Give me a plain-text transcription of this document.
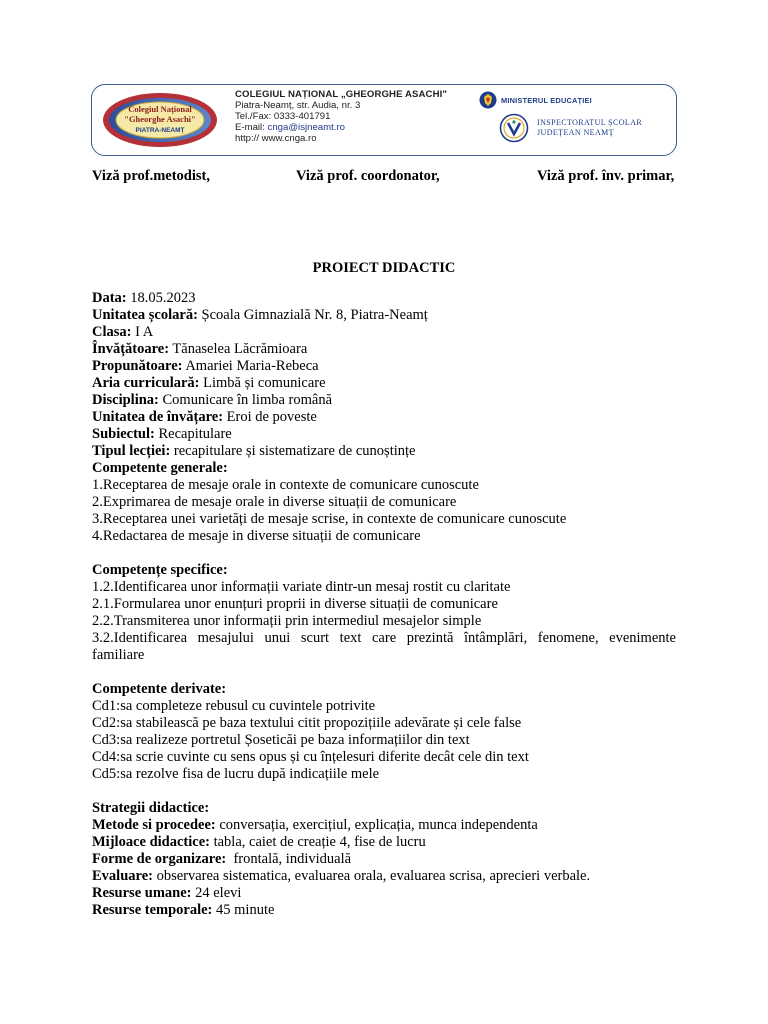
Colegiul Național
"Gheorghe Asachi"
PIATRA-NEAMȚ
COLEGIUL NAȚIONAL „GHEORGHE ASACHI"
Piatra-Neamț, str. Audia, nr. 3
Tel./Fax: 0333-401791
E-mail: cnga@isjneamt.ro
http:// www.cnga.ro
MINISTERUL EDUCAȚIEI
INSPECTORATUL ȘCOLAR
JUDEȚEAN NEAMȚ
Viză prof.metodist,	Viză prof. coordonator,	Viză prof. înv. primar,
PROIECT DIDACTIC
Data: 18.05.2023
Unitatea școlară: Școala Gimnazială Nr. 8, Piatra-Neamț
Clasa: I A
Învățătoare: Tănaselea Lăcrămioara
Propunătoare: Amariei Maria-Rebeca
Aria curriculară: Limbă și comunicare
Disciplina: Comunicare în limba română
Unitatea de învățare: Eroi de poveste
Subiectul: Recapitulare
Tipul lecției: recapitulare și sistematizare de cunoștințe
Competente generale:
1.Receptarea de mesaje orale in contexte de comunicare cunoscute
2.Exprimarea de mesaje orale in diverse situații de comunicare
3.Receptarea unei varietăți de mesaje scrise, in contexte de comunicare cunoscute
4.Redactarea de mesaje in diverse situații de comunicare
Competențe specifice:
1.2.Identificarea unor informații variate dintr-un mesaj rostit cu claritate
2.1.Formularea unor enunțuri proprii in diverse situații de comunicare
2.2.Transmiterea unor informații prin intermediul mesajelor simple
3.2.Identificarea mesajului unui scurt text care prezintă întâmplări, fenomene, evenimente
familiare
Competente derivate:
Cd1:sa completeze rebusul cu cuvintele potrivite
Cd2:sa stabilească pe baza textului citit propozițiile adevărate și cele false
Cd3:sa realizeze portretul Șoseticăi pe baza informațiilor din text
Cd4:sa scrie cuvinte cu sens opus și cu înțelesuri diferite decât cele din text
Cd5:sa rezolve fisa de lucru după indicațiile mele
Strategii didactice:
Metode si procedee: conversația, exercițiul, explicația, munca independenta
Mijloace didactice: tabla, caiet de creație 4, fise de lucru
Forme de organizare:  frontală, individuală
Evaluare: observarea sistematica, evaluarea orala, evaluarea scrisa, aprecieri verbale.
Resurse umane: 24 elevi
Resurse temporale: 45 minute
